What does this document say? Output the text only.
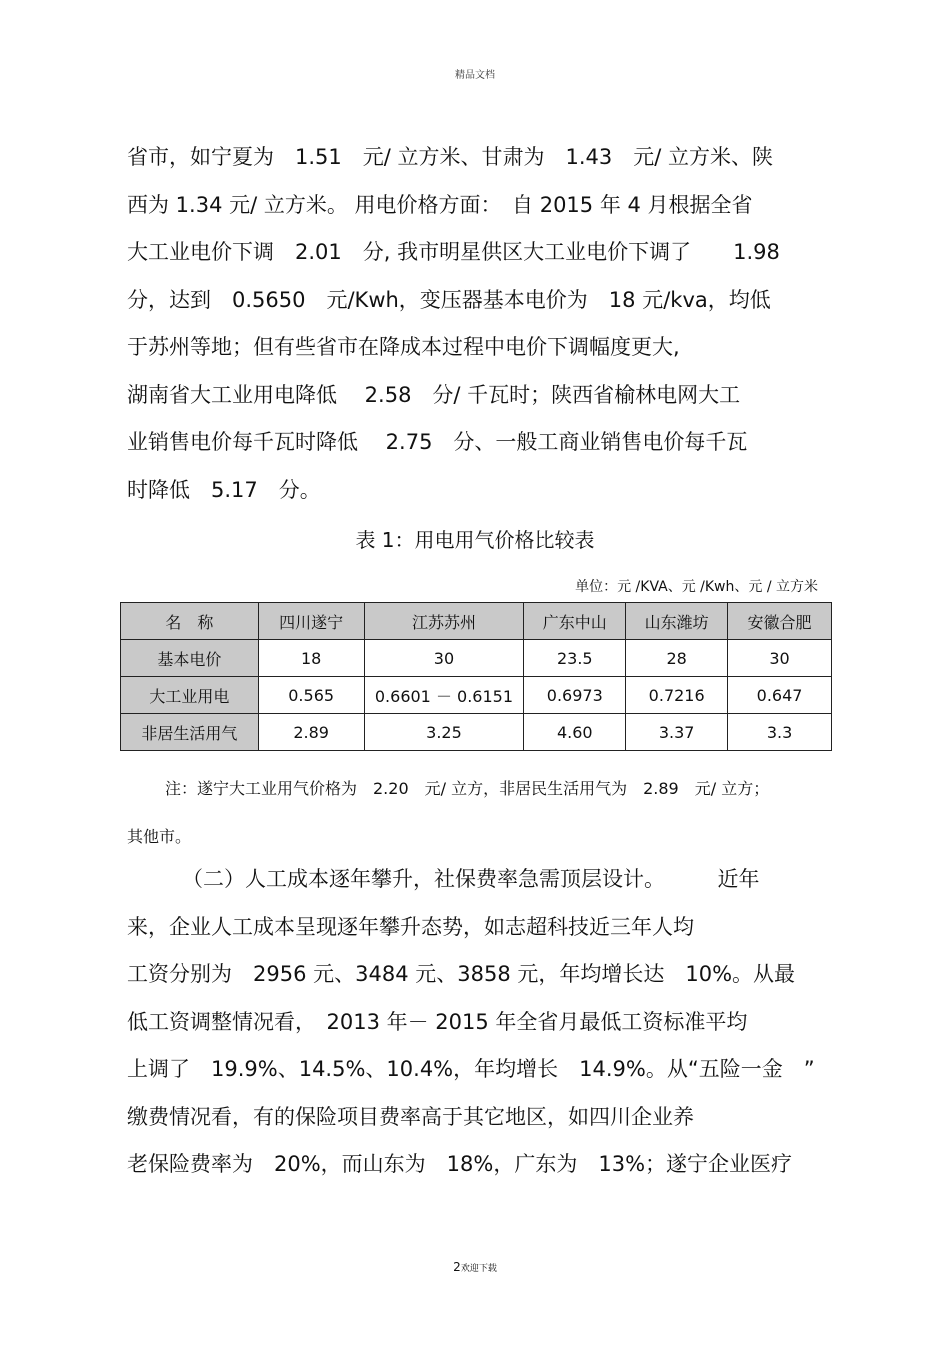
精品文档
省市，如宁夏为　1.51　元/ 立方米、甘肃为　1.43　元/ 立方米、陕
西为 1.34 元/ 立方米。 用电价格方面：　自 2015 年 4 月根据全省
大工业电价下调　2.01　分, 我市明星供区大工业电价下调了　　1.98
分，达到　0.5650　元/Kwh，变压器基本电价为　18 元/kva，均低
于苏州等地；但有些省市在降成本过程中电价下调幅度更大,
湖南省大工业用电降低　 2.58　分/ 千瓦时；陕西省榆林电网大工
业销售电价每千瓦时降低　 2.75　分、一般工商业销售电价每千瓦
时降低　5.17　分。
表 1：用电用气价格比较表
单位：元 /KVA、元 /Kwh、元 / 立方米
名　称	四川遂宁	江苏苏州	广东中山	山东潍坊	安徽合肥
基本电价	18	30	23.5	28	30
大工业用电	0.565	0.6601 － 0.6151	0.6973	0.7216	0.647
非居生活用气	2.89	3.25	4.60	3.37	3.3
注：遂宁大工业用气价格为　2.20　元/ 立方，非居民生活用气为　2.89　元/ 立方；
其他市。
（二）人工成本逐年攀升，社保费率急需顶层设计。　　　近年
来，企业人工成本呈现逐年攀升态势，如志超科技近三年人均
工资分别为　2956 元、3484 元、3858 元，年均增长达　10%。从最
低工资调整情况看，　2013 年－ 2015 年全省月最低工资标准平均
上调了　19.9%、14.5%、10.4%，年均增长　14.9%。从“五险一金　”
缴费情况看，有的保险项目费率高于其它地区，如四川企业养
老保险费率为　20%，而山东为　18%，广东为　13%；遂宁企业医疗
2欢迎下载
